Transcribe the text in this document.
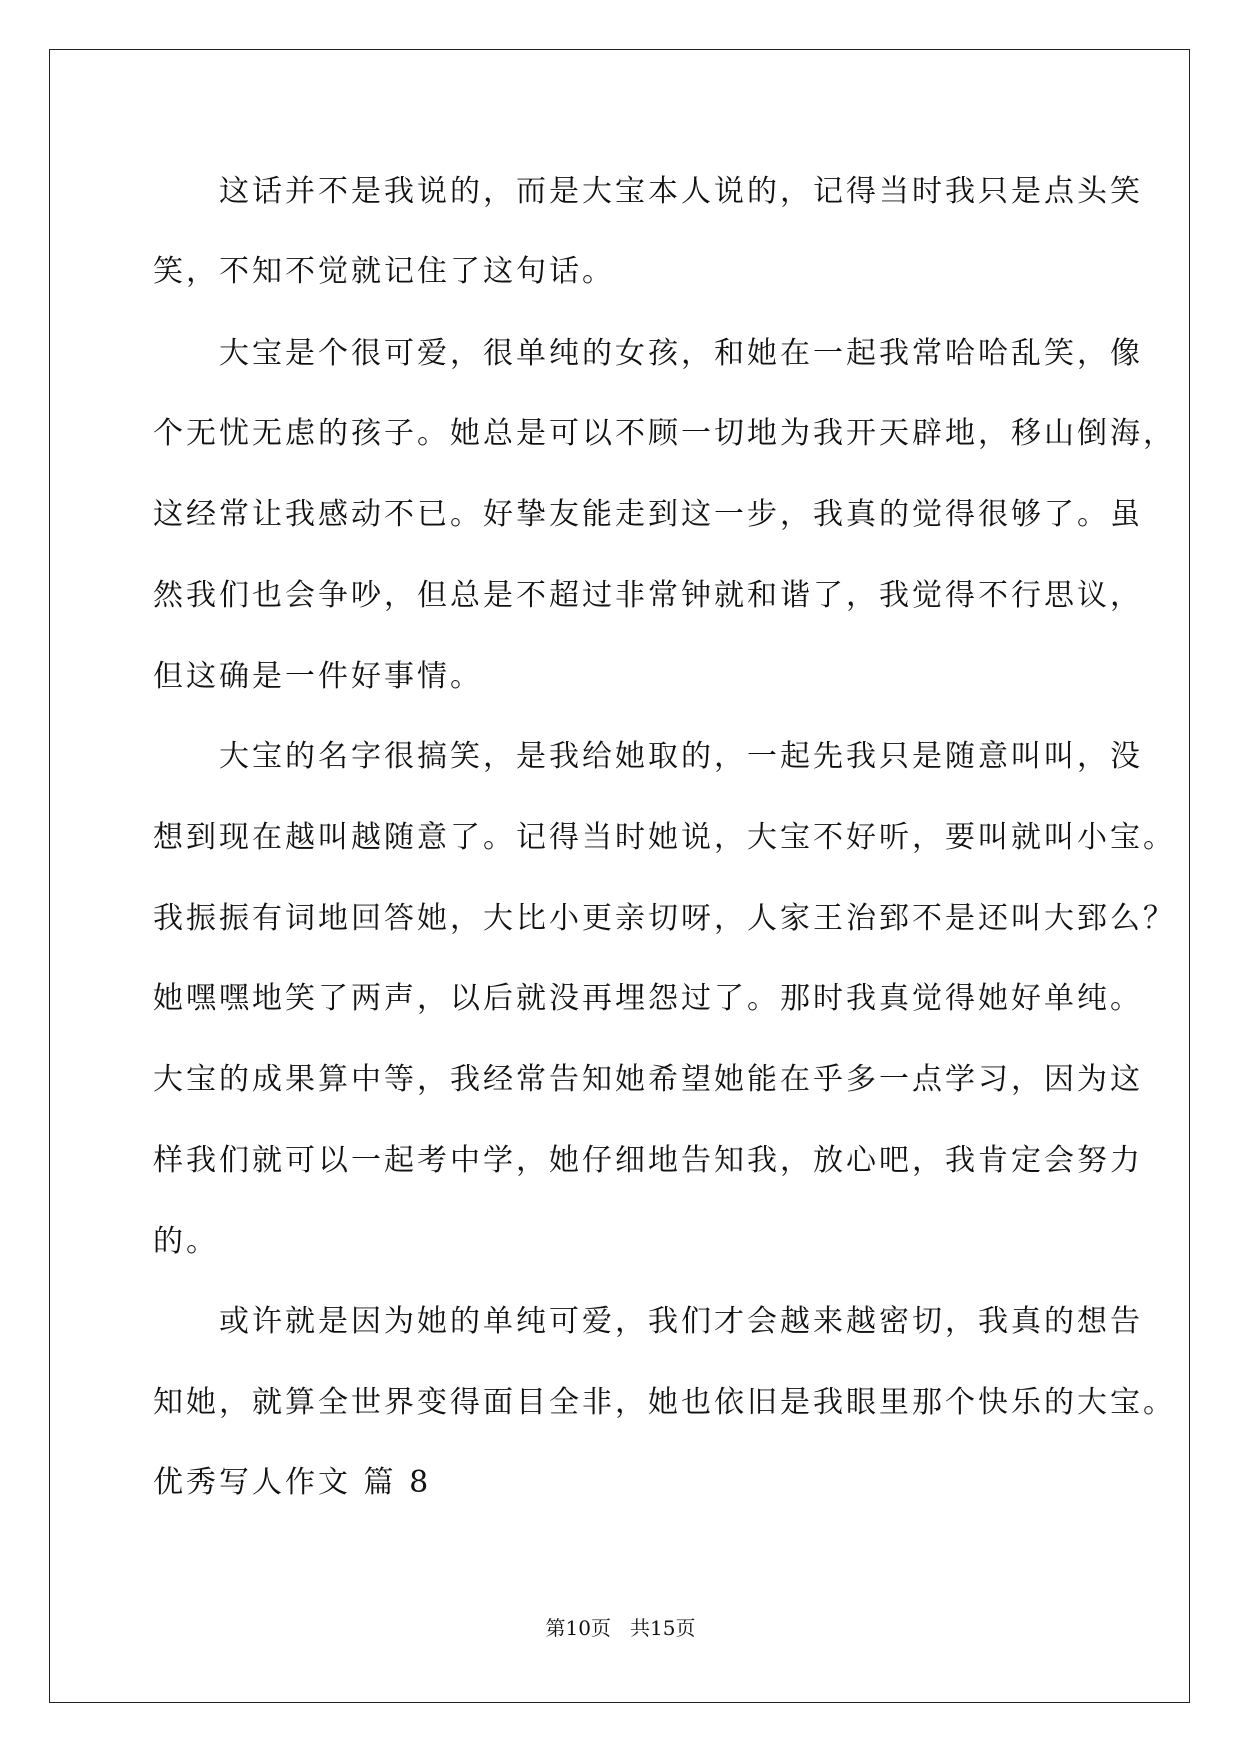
　　这话并不是我说的，而是大宝本人说的，记得当时我只是点头笑

笑，不知不觉就记住了这句话。

　　大宝是个很可爱，很单纯的女孩，和她在一起我常哈哈乱笑，像

个无忧无虑的孩子。她总是可以不顾一切地为我开天辟地，移山倒海，

这经常让我感动不已。好挚友能走到这一步，我真的觉得很够了。虽

然我们也会争吵，但总是不超过非常钟就和谐了，我觉得不行思议，

但这确是一件好事情。

　　大宝的名字很搞笑，是我给她取的，一起先我只是随意叫叫，没

想到现在越叫越随意了。记得当时她说，大宝不好听，要叫就叫小宝。

我振振有词地回答她，大比小更亲切呀，人家王治郅不是还叫大郅么？

她嘿嘿地笑了两声，以后就没再埋怨过了。那时我真觉得她好单纯。

大宝的成果算中等，我经常告知她希望她能在乎多一点学习，因为这

样我们就可以一起考中学，她仔细地告知我，放心吧，我肯定会努力

的。

　　或许就是因为她的单纯可爱，我们才会越来越密切，我真的想告

知她，就算全世界变得面目全非，她也依旧是我眼里那个快乐的大宝。

优秀写人作文 篇 8

第10页 共15页
